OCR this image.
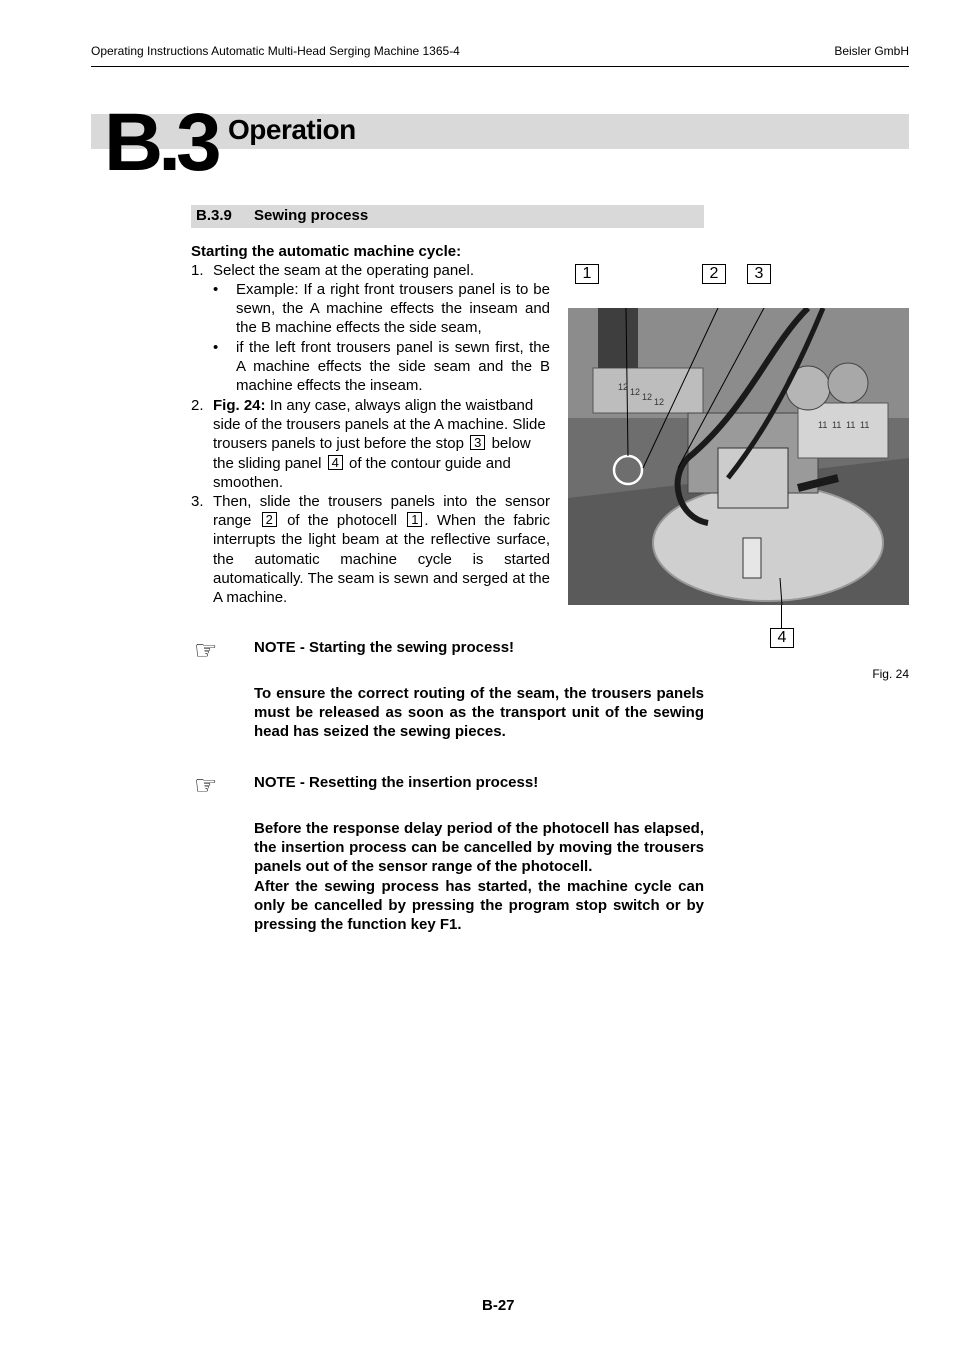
Operating Instructions Automatic Multi-Head Serging Machine 1365-4	Beisler GmbH
B.3 Operation
B.3.9 Sewing process
Starting the automatic machine cycle:
1. Select the seam at the operating panel.
• Example: If a right front trousers panel is to be sewn, the A machine effects the inseam and the B machine effects the side seam,
• if the left front trousers panel is sewn first, the A machine effects the side seam and the B machine effects the inseam.
2. Fig. 24: In any case, always align the waistband side of the trousers panels at the A machine. Slide trousers panels to just before the stop 3 below the sliding panel 4 of the contour guide and smoothen.
3. Then, slide the trousers panels into the sensor range 2 of the photocell 1 . When the fabric interrupts the light beam at the reflective surface, the automatic machine cycle is started automatically. The seam is sewn and serged at the A machine.
1	2	3
12 12 12 12
11 11 11 11
4
Fig. 24
☞ NOTE - Starting the sewing process!
To ensure the correct routing of the seam, the trousers panels must be released as soon as the transport unit of the sewing head has seized the sewing pieces.
☞ NOTE - Resetting the insertion process!
Before the response delay period of the photocell has elapsed, the insertion process can be cancelled by moving the trousers panels out of the sensor range of the photocell.
After the sewing process has started, the machine cycle can only be cancelled by pressing the program stop switch or by pressing the function key F1.
B-27
